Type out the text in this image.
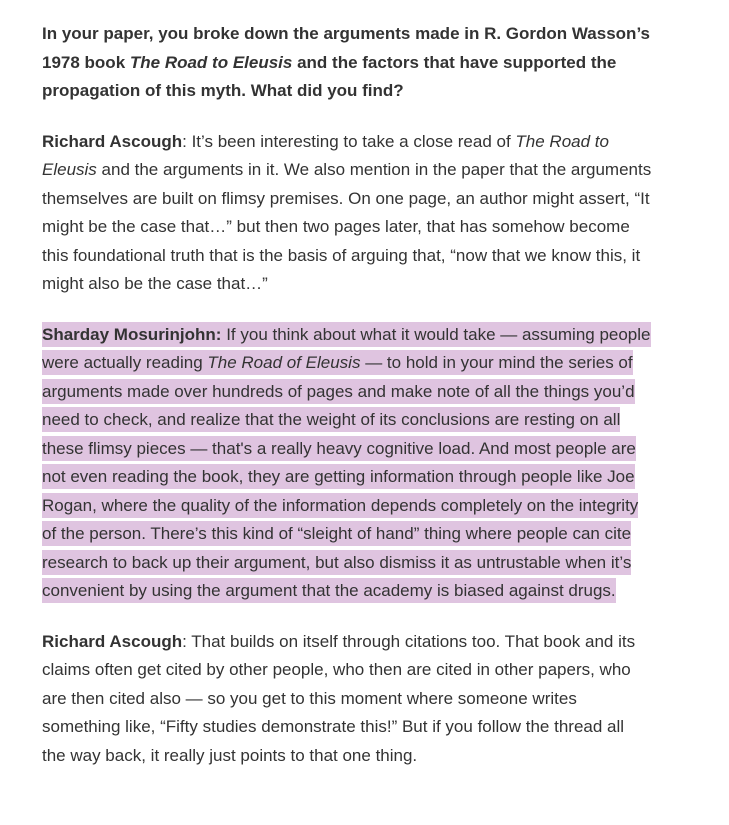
In your paper, you broke down the arguments made in R. Gordon Wasson’s 1978 book The Road to Eleusis and the factors that have supported the propagation of this myth. What did you find?

Richard Ascough: It’s been interesting to take a close read of The Road to Eleusis and the arguments in it. We also mention in the paper that the arguments themselves are built on flimsy premises. On one page, an author might assert, “It might be the case that…” but then two pages later, that has somehow become this foundational truth that is the basis of arguing that, “now that we know this, it might also be the case that…”

Sharday Mosurinjohn: If you think about what it would take — assuming people were actually reading The Road of Eleusis — to hold in your mind the series of arguments made over hundreds of pages and make note of all the things you’d need to check, and realize that the weight of its conclusions are resting on all these flimsy pieces — that's a really heavy cognitive load. And most people are not even reading the book, they are getting information through people like Joe Rogan, where the quality of the information depends completely on the integrity of the person. There’s this kind of “sleight of hand” thing where people can cite research to back up their argument, but also dismiss it as untrustable when it’s convenient by using the argument that the academy is biased against drugs.

Richard Ascough: That builds on itself through citations too. That book and its claims often get cited by other people, who then are cited in other papers, who are then cited also — so you get to this moment where someone writes something like, “Fifty studies demonstrate this!” But if you follow the thread all the way back, it really just points to that one thing.
